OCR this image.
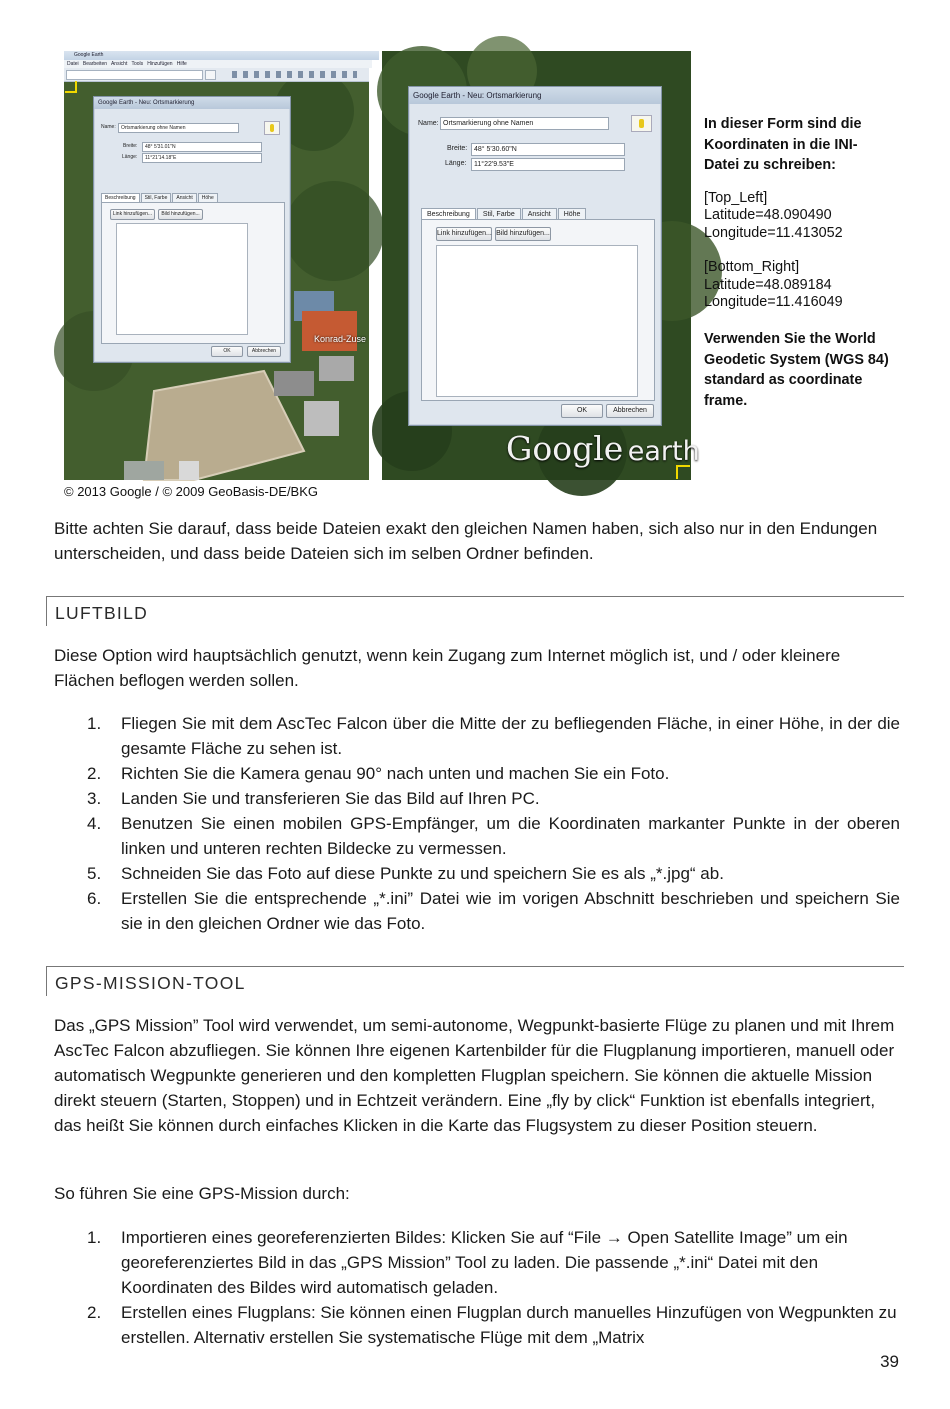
Google Earth
Datei Bearbeiten Ansicht Tools Hinzufügen Hilfe
Google Earth - Neu: Ortsmarkierung
Name:	Ortsmarkierung ohne Namen
Breite:	48° 5'31.01"N
Länge:	11°21'14.18"E
Beschreibung	Stil, Farbe	Ansicht	Höhe
Link hinzufügen...	Bild hinzufügen...
OK	Abbrechen
Konrad-Zuse
Google Earth - Neu: Ortsmarkierung
Name: Ortsmarkierung ohne Namen
Breite: 48° 5'30.60"N
Länge:	11°22'9.53"E
Beschreibung	Stil, Farbe	Ansicht	Höhe
Link hinzufügen... Bild hinzufügen...
OK	Abbrechen
Google earth
© 2013 Google / © 2009 GeoBasis-DE/BKG
In dieser Form sind die Koordinaten in die INI-Datei zu schreiben:
[Top_Left]
Latitude=48.090490
Longitude=11.413052
[Bottom_Right]
Latitude=48.089184
Longitude=11.416049
Verwenden Sie the World Geodetic System (WGS 84) standard as coordinate frame.
Bitte achten Sie darauf, dass beide Dateien exakt den gleichen Namen haben, sich also nur in den Endungen unterscheiden, und dass beide Dateien sich im selben Ordner befinden.
LUFTBILD
Diese Option wird hauptsächlich genutzt, wenn kein Zugang zum Internet möglich ist, und / oder kleinere Flächen beflogen werden sollen.
1.	Fliegen Sie mit dem AscTec Falcon über die Mitte der zu befliegenden Fläche, in einer Höhe, in der die gesamte Fläche zu sehen ist.
2.	Richten Sie die Kamera genau 90° nach unten und machen Sie ein Foto.
3.	Landen Sie und transferieren Sie das Bild auf Ihren PC.
4.	Benutzen Sie einen mobilen GPS-Empfänger, um die Koordinaten markanter Punkte in der oberen linken und unteren rechten Bildecke zu vermessen.
5.	Schneiden Sie das Foto auf diese Punkte zu und speichern Sie es als „*.jpg“ ab.
6.	Erstellen Sie die entsprechende „*.ini” Datei wie im vorigen Abschnitt beschrieben und speichern Sie sie in den gleichen Ordner wie das Foto.
GPS-MISSION-TOOL
Das „GPS Mission” Tool wird verwendet, um semi-autonome, Wegpunkt-basierte Flüge zu planen und mit Ihrem AscTec Falcon abzufliegen. Sie können Ihre eigenen Kartenbilder für die Flugplanung importieren, manuell oder automatisch Wegpunkte generieren und den kompletten Flugplan speichern. Sie können die aktuelle Mission direkt steuern (Starten, Stoppen) und in Echtzeit verändern. Eine „fly by click“ Funktion ist ebenfalls integriert, das heißt Sie können durch einfaches Klicken in die Karte das Flugsystem zu dieser Position steuern.
So führen Sie eine GPS-Mission durch:
1.	Importieren eines georeferenzierten Bildes: Klicken Sie auf “File → Open Satellite Image” um ein georeferenziertes Bild in das „GPS Mission” Tool zu laden. Die passende „*.ini“ Datei mit den Koordinaten des Bildes wird automatisch geladen.
2.	Erstellen eines Flugplans: Sie können einen Flugplan durch manuelles Hinzufügen von Wegpunkten zu erstellen. Alternativ erstellen Sie systematische Flüge mit dem „Matrix
39
